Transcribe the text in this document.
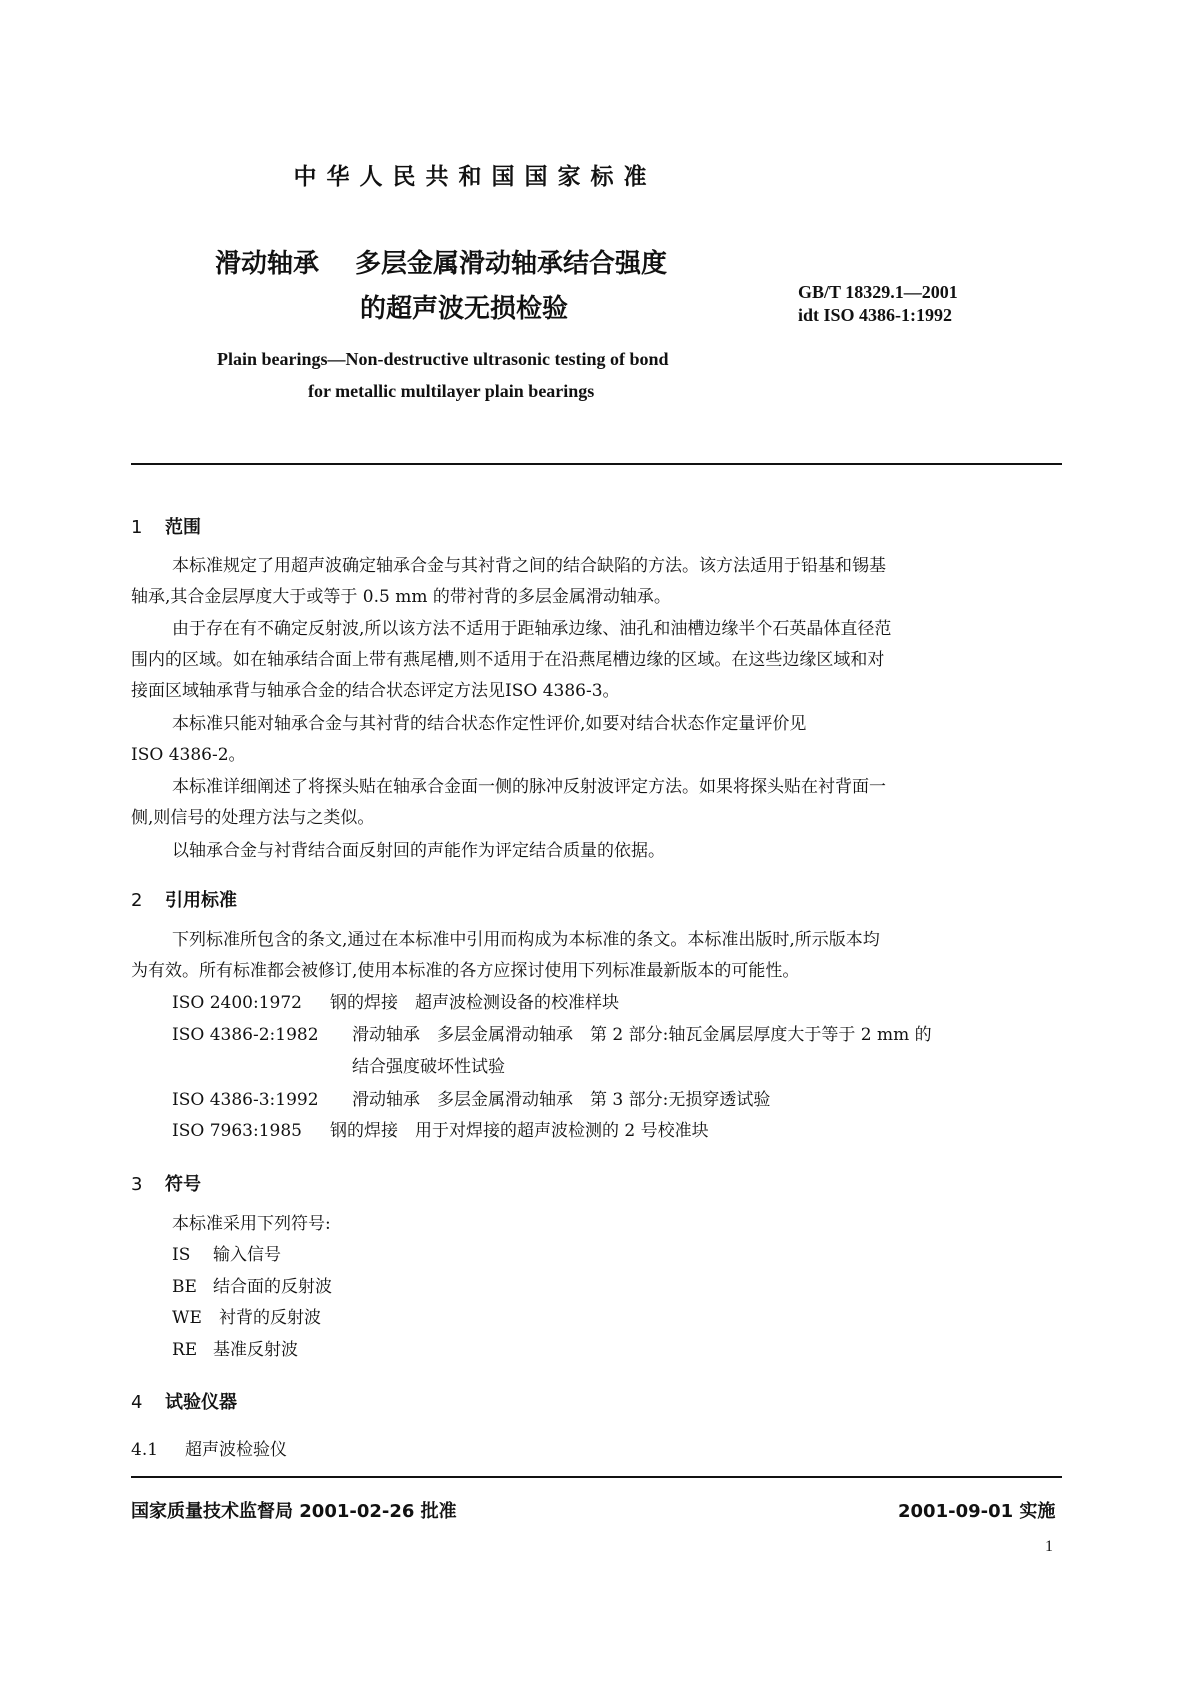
中华人民共和国国家标准
滑动轴承 多层金属滑动轴承结合强度
的超声波无损检验
GB/T 18329.1—2001
idt ISO 4386-1:1992
Plain bearings—Non-destructive ultrasonic testing of bond
for metallic multilayer plain bearings
1 范围
本标准规定了用超声波确定轴承合金与其衬背之间的结合缺陷的方法。该方法适用于铅基和锡基
轴承,其合金层厚度大于或等于 0.5 mm 的带衬背的多层金属滑动轴承。
由于存在有不确定反射波,所以该方法不适用于距轴承边缘、油孔和油槽边缘半个石英晶体直径范
围内的区域。如在轴承结合面上带有燕尾槽,则不适用于在沿燕尾槽边缘的区域。在这些边缘区域和对
接面区域轴承背与轴承合金的结合状态评定方法见ISO 4386-3。
本标准只能对轴承合金与其衬背的结合状态作定性评价,如要对结合状态作定量评价见
ISO 4386-2。
本标准详细阐述了将探头贴在轴承合金面一侧的脉冲反射波评定方法。如果将探头贴在衬背面一
侧,则信号的处理方法与之类似。
以轴承合金与衬背结合面反射回的声能作为评定结合质量的依据。
2 引用标准
下列标准所包含的条文,通过在本标准中引用而构成为本标准的条文。本标准出版时,所示版本均
为有效。所有标准都会被修订,使用本标准的各方应探讨使用下列标准最新版本的可能性。
ISO 2400:1972 钢的焊接　超声波检测设备的校准样块
ISO 4386-2:1982 滑动轴承　多层金属滑动轴承　第 2 部分:轴瓦金属层厚度大于等于 2 mm 的
结合强度破坏性试验
ISO 4386-3:1992 滑动轴承　多层金属滑动轴承　第 3 部分:无损穿透试验
ISO 7963:1985 钢的焊接　用于对焊接的超声波检测的 2 号校准块
3 符号
本标准采用下列符号:
IS 输入信号
BE 结合面的反射波
WE 衬背的反射波
RE 基准反射波
4 试验仪器
4.1 超声波检验仪
国家质量技术监督局 2001-02-26 批准	2001-09-01 实施
1
